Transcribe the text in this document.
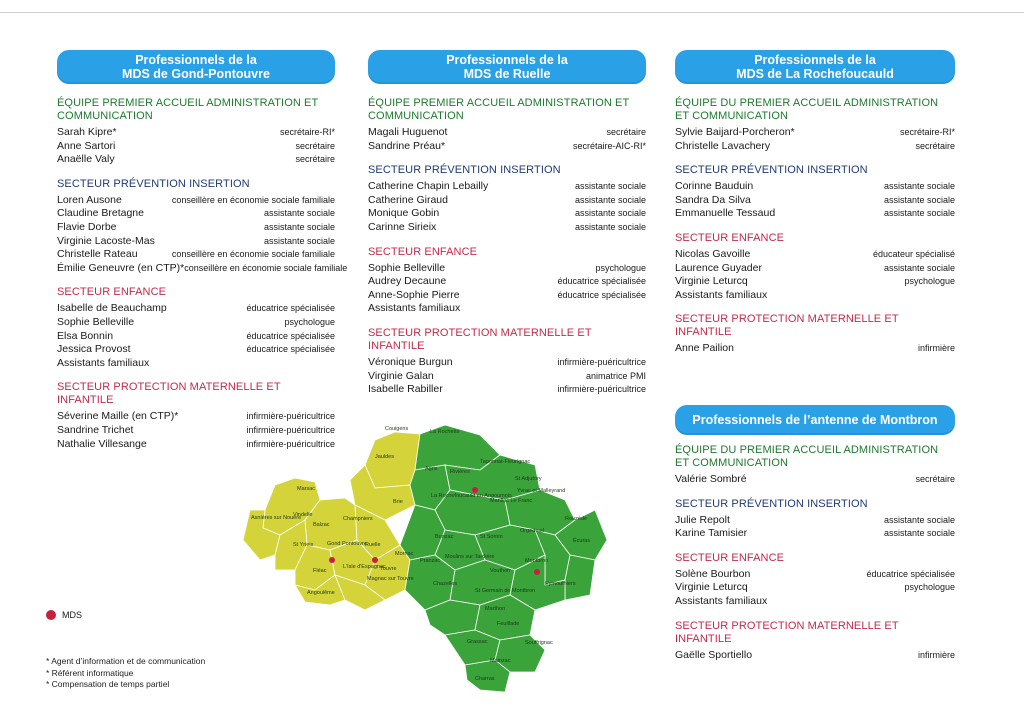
Professionnels de la
MDS de Gond-Pontouvre
Professionnels de la
MDS de Ruelle
Professionnels de la
MDS de La Rochefoucauld
Professionnels de l’antenne de Montbron
ÉQUIPE PREMIER ACCUEIL ADMINISTRATION ET COMMUNICATION
Sarah Kipre*	secrétaire-RI*
Anne Sartori	secrétaire
Anaëlle Valy	secrétaire
SECTEUR PRÉVENTION INSERTION
Loren Ausone	conseillère en économie sociale familiale
Claudine Bretagne	assistante sociale
Flavie Dorbe	assistante sociale
Virginie Lacoste-Mas	assistante sociale
Christelle Rateau	conseillère en économie sociale familiale
Émilie Geneuvre (en CTP)* conseillère en économie sociale familiale
SECTEUR ENFANCE
Isabelle de Beauchamp	éducatrice spécialisée
Sophie Belleville	psychologue
Elsa Bonnin	éducatrice spécialisée
Jessica Provost	éducatrice spécialisée
Assistants familiaux
SECTEUR PROTECTION MATERNELLE ET INFANTILE
Séverine Maille (en CTP)*	infirmière-puéricultrice
Sandrine Trichet	infirmière-puéricultrice
Nathalie Villesange	infirmière-puéricultrice
ÉQUIPE PREMIER ACCUEIL ADMINISTRATION ET COMMUNICATION
Magali Huguenot	secrétaire
Sandrine Préau*	secrétaire-AIC-RI*
SECTEUR PRÉVENTION INSERTION
Catherine Chapin Lebailly	assistante sociale
Catherine Giraud	assistante sociale
Monique Gobin	assistante sociale
Carinne Sirieix	assistante sociale
SECTEUR ENFANCE
Sophie Belleville	psychologue
Audrey Decaune	éducatrice spécialisée
Anne-Sophie Pierre	éducatrice spécialisée
Assistants familiaux
SECTEUR PROTECTION MATERNELLE ET INFANTILE
Véronique Burgun	infirmière-puéricultrice
Virginie Galan	animatrice PMI
Isabelle Rabiller	infirmière-puéricultrice
ÉQUIPE DU PREMIER ACCUEIL ADMINISTRATION ET COMMUNICATION
Sylvie Baijard-Porcheron*	secrétaire-RI*
Christelle Lavachery	secrétaire
SECTEUR PRÉVENTION INSERTION
Corinne Bauduin	assistante sociale
Sandra Da Silva	assistante sociale
Emmanuelle Tessaud	assistante sociale
SECTEUR ENFANCE
Nicolas Gavoille	éducateur spécialisé
Laurence Guyader	assistante sociale
Virginie Leturcq	psychologue
Assistants familiaux
SECTEUR PROTECTION MATERNELLE ET INFANTILE
Anne Pailion	infirmière
ÉQUIPE DU PREMIER ACCUEIL ADMINISTRATION ET COMMUNICATION
Valérie Sombré	secrétaire
SECTEUR PRÉVENTION INSERTION
Julie Repolt	assistante sociale
Karine Tamisier	assistante sociale
SECTEUR ENFANCE
Solène Bourbon	éducatrice spécialisée
Virginie Leturcq	psychologue
Assistants familiaux
SECTEUR PROTECTION MATERNELLE ET INFANTILE
Gaëlle Sportiello	infirmière
Couigens	La Rochette
Jauldes
Agris Rivières
Taponnat-Fleurignac
St Adjutory
Yvrac et Malleyrand
Marsac
Brie
La Rochefoucauld en Angoumois
Marillac Le Franc
Asnières sur Nouère
Vindelle
Balzac
Champniers	Rouzède
St Yrieix Gond Pontouvre
Ruelle
Mornac
Bunzac	St Sornin
Orgedeuil
Écuras
Fléac
L'Isle d'Espagnac
Touvre
Magnac sur Touvre
Angoulême
Pranzac
Moulins sur Tardoire
Montbron
Vouthon
Eymouthiers
Chazelles
St Germain de Montbron
Marthon
Feuillade
Grassac	Souffrignac
Mainzac
Charras
MDS
* Agent d’information et de communication
* Référent informatique
* Compensation de temps partiel
